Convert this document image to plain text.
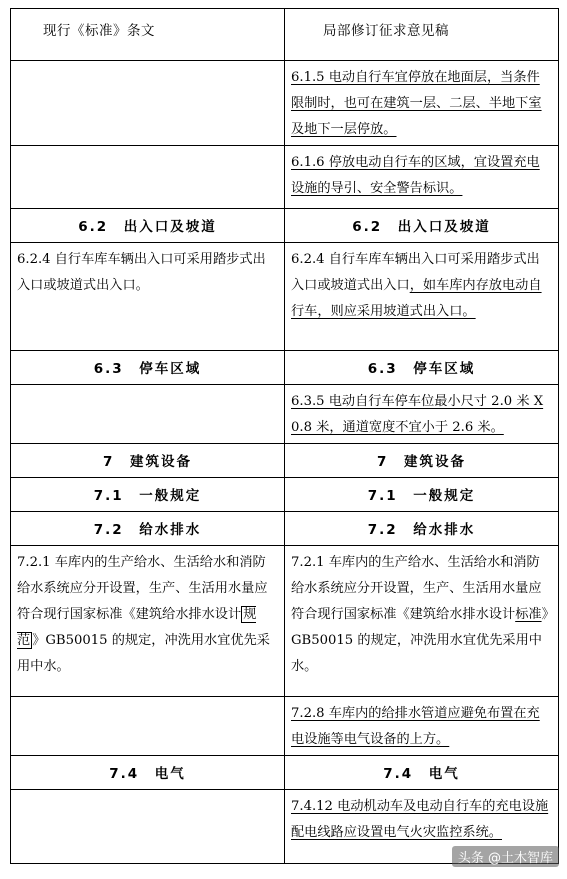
现行《标准》条文	局部修订征求意见稿
	6.1.5 电动自行车宜停放在地面层，当条件限制时，也可在建筑一层、二层、半地下室及地下一层停放。
	6.1.6 停放电动自行车的区域，宜设置充电设施的导引、安全警告标识。
6.2　出入口及坡道	6.2　出入口及坡道
6.2.4 自行车库车辆出入口可采用踏步式出入口或坡道式出入口。	6.2.4 自行车库车辆出入口可采用踏步式出入口或坡道式出入口，如车库内存放电动自行车，则应采用坡道式出入口。
6.3　停车区域	6.3　停车区域
	6.3.5 电动自行车停车位最小尺寸 2.0 米 X 0.8 米，通道宽度不宜小于 2.6 米。
7　建筑设备	7　建筑设备
7.1　一般规定	7.1　一般规定
7.2　给水排水	7.2　给水排水
7.2.1 车库内的生产给水、生活给水和消防给水系统应分开设置，生产、生活用水量应符合现行国家标准《建筑给水排水设计 规范 》GB50015 的规定，冲洗用水宜优先采用中水。	7.2.1 车库内的生产给水、生活给水和消防给水系统应分开设置，生产、生活用水量应符合现行国家标准《建筑给水排水设计标准》GB50015 的规定，冲洗用水宜优先采用中水。
	7.2.8 车库内的给排水管道应避免布置在充电设施等电气设备的上方。
7.4　电气	7.4　电气
	7.4.12 电动机动车及电动自行车的充电设施配电线路应设置电气火灾监控系统。
头条 @土木智库
